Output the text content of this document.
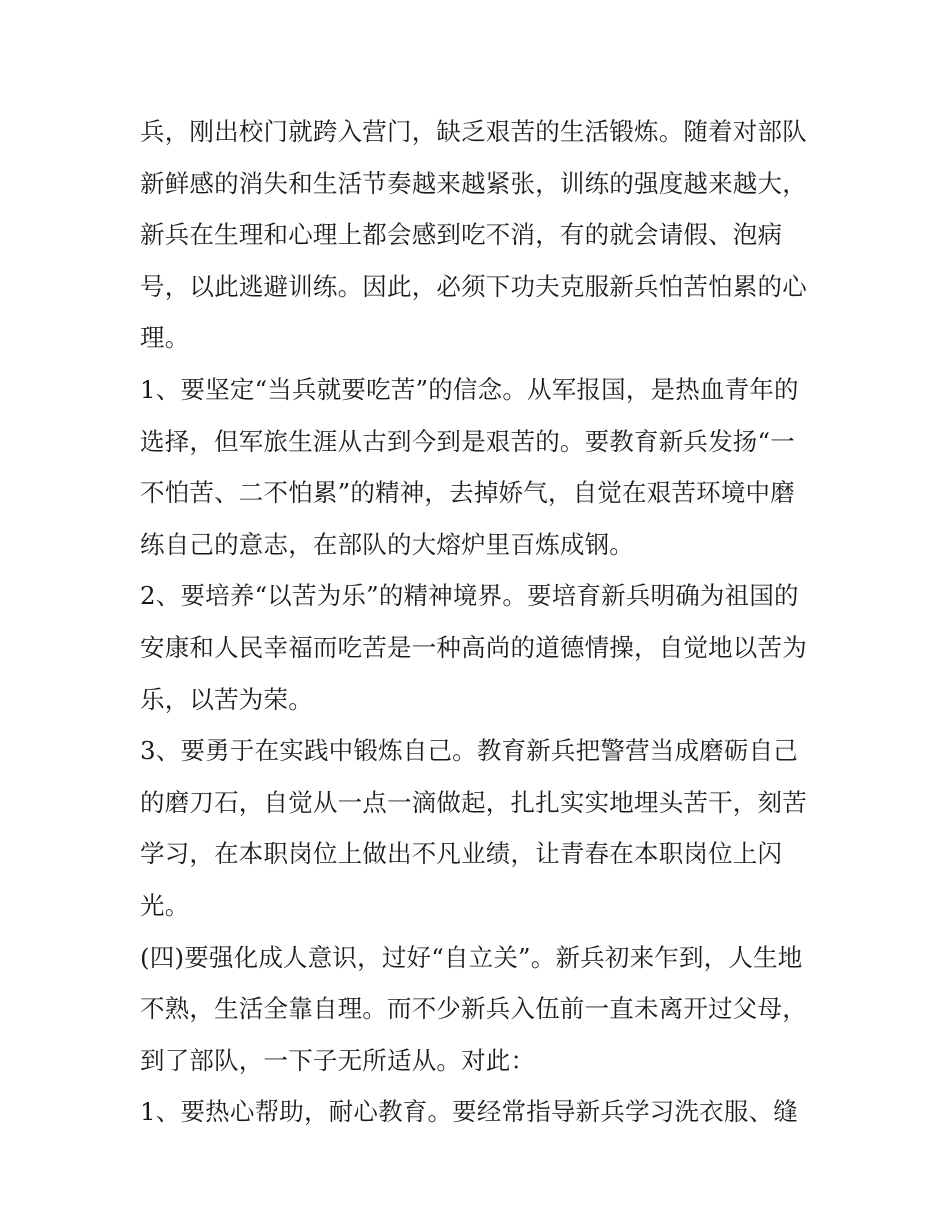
兵，刚出校门就跨入营门，缺乏艰苦的生活锻炼。随着对部队
新鲜感的消失和生活节奏越来越紧张，训练的强度越来越大，
新兵在生理和心理上都会感到吃不消，有的就会请假、泡病
号，以此逃避训练。因此，必须下功夫克服新兵怕苦怕累的心
理。
1、要坚定“当兵就要吃苦”的信念。从军报国，是热血青年的
选择，但军旅生涯从古到今到是艰苦的。要教育新兵发扬“一
不怕苦、二不怕累”的精神，去掉娇气，自觉在艰苦环境中磨
练自己的意志，在部队的大熔炉里百炼成钢。
2、要培养“以苦为乐”的精神境界。要培育新兵明确为祖国的
安康和人民幸福而吃苦是一种高尚的道德情操，自觉地以苦为
乐，以苦为荣。
3、要勇于在实践中锻炼自己。教育新兵把警营当成磨砺自己
的磨刀石，自觉从一点一滴做起，扎扎实实地埋头苦干，刻苦
学习，在本职岗位上做出不凡业绩，让青春在本职岗位上闪
光。
(四)要强化成人意识，过好“自立关”。新兵初来乍到，人生地
不熟，生活全靠自理。而不少新兵入伍前一直未离开过父母，
到了部队，一下子无所适从。对此：
1、要热心帮助，耐心教育。要经常指导新兵学习洗衣服、缝
